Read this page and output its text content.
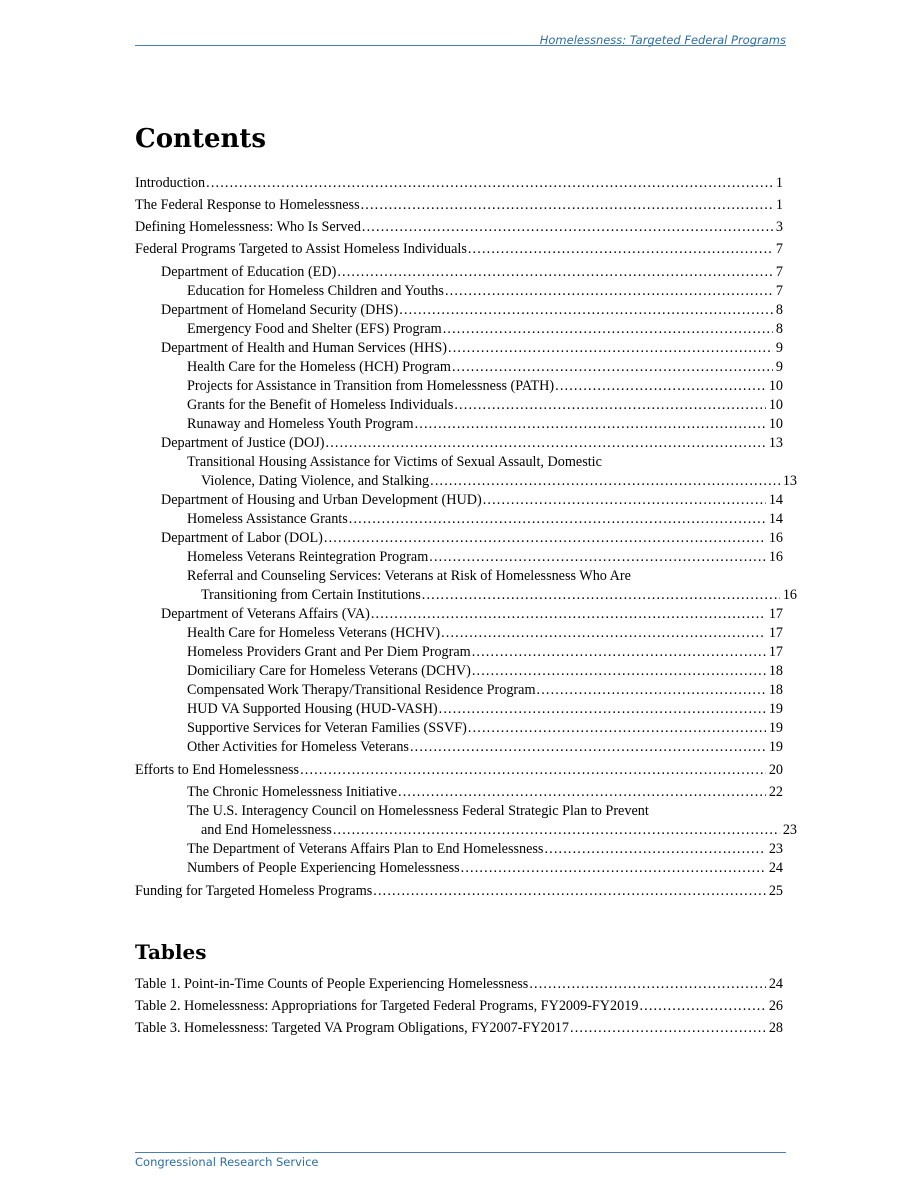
Homelessness: Targeted Federal Programs
Contents
Introduction . . .	1
The Federal Response to Homelessness . . .	1
Defining Homelessness: Who Is Served . . .	3
Federal Programs Targeted to Assist Homeless Individuals . . .	7
Department of Education (ED) . . .	7
Education for Homeless Children and Youths . . .	7
Department of Homeland Security (DHS) . . .	8
Emergency Food and Shelter (EFS) Program . . .	8
Department of Health and Human Services (HHS) . . .	9
Health Care for the Homeless (HCH) Program . . .	9
Projects for Assistance in Transition from Homelessness (PATH) . . .	10
Grants for the Benefit of Homeless Individuals . . .	10
Runaway and Homeless Youth Program . . .	10
Department of Justice (DOJ) . . .	13
Transitional Housing Assistance for Victims of Sexual Assault, Domestic
Violence, Dating Violence, and Stalking . . .	13
Department of Housing and Urban Development (HUD) . . .	14
Homeless Assistance Grants . . .	14
Department of Labor (DOL) . . .	16
Homeless Veterans Reintegration Program . . .	16
Referral and Counseling Services: Veterans at Risk of Homelessness Who Are
Transitioning from Certain Institutions . . .	16
Department of Veterans Affairs (VA) . . .	17
Health Care for Homeless Veterans (HCHV) . . .	17
Homeless Providers Grant and Per Diem Program . . .	17
Domiciliary Care for Homeless Veterans (DCHV) . . .	18
Compensated Work Therapy/Transitional Residence Program . . .	18
HUD VA Supported Housing (HUD-VASH) . . .	19
Supportive Services for Veteran Families (SSVF) . . .	19
Other Activities for Homeless Veterans . . .	19
Efforts to End Homelessness . . .	20
The Chronic Homelessness Initiative . . .	22
The U.S. Interagency Council on Homelessness Federal Strategic Plan to Prevent
and End Homelessness . . .	23
The Department of Veterans Affairs Plan to End Homelessness . . .	23
Numbers of People Experiencing Homelessness . . .	24
Funding for Targeted Homeless Programs . . .	25
Tables
Table 1. Point-in-Time Counts of People Experiencing Homelessness . . .	24
Table 2. Homelessness: Appropriations for Targeted Federal Programs, FY2009-FY2019 . . .	26
Table 3. Homelessness: Targeted VA Program Obligations, FY2007-FY2017 . . .	28
Congressional Research Service
